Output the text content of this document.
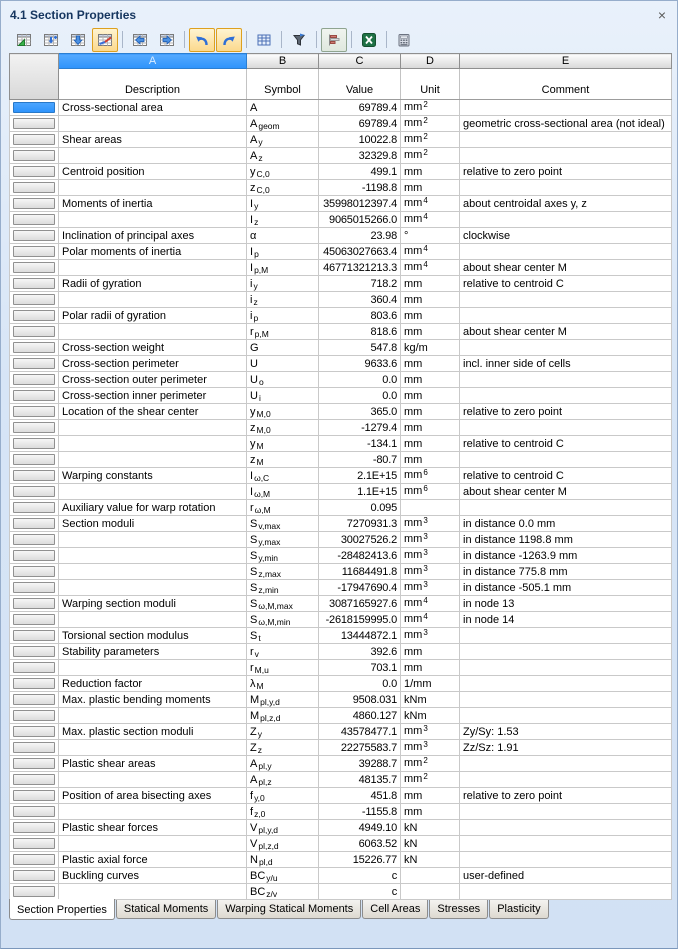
4.1 Section Properties	×
	A	B	C	D	E
	Description	Symbol	Value	Unit	Comment

	Cross-sectional area	A	69789.4	$mm^2$	

		Ageom	69789.4	$mm^2$	geometric cross-sectional area (not ideal)

	Shear areas	Ay	10022.8	$mm^2$	

		Az	32329.8	$mm^2$	

	Centroid position	yC,0	499.1	mm	relative to zero point

		zC,0	-1198.8	mm	

	Moments of inertia	Iy	35998012397.4	$mm^4$	about centroidal axes y, z

		Iz	9065015266.0	$mm^4$	

	Inclination of principal axes	α	23.98	°	clockwise

	Polar moments of inertia	Ip	45063027663.4	$mm^4$	

		Ip,M	46771321213.3	$mm^4$	about shear center M

	Radii of gyration	iy	718.2	mm	relative to centroid C

		iz	360.4	mm	

	Polar radii of gyration	ip	803.6	mm	

		rp,M	818.6	mm	about shear center M

	Cross-section weight	G	547.8	kg/m	

	Cross-section perimeter	U	9633.6	mm	incl. inner side of cells

	Cross-section outer perimeter	Uo	0.0	mm	

	Cross-section inner perimeter	Ui	0.0	mm	

	Location of the shear center	yM,0	365.0	mm	relative to zero point

		zM,0	-1279.4	mm	

		yM	-134.1	mm	relative to centroid C

		zM	-80.7	mm	

	Warping constants	Iω,C	2.1E+15	$mm^6$	relative to centroid C

		Iω,M	1.1E+15	$mm^6$	about shear center M

	Auxiliary value for warp rotation	rω,M	0.095		

	Section moduli	Sv,max	7270931.3	$mm^3$	in distance 0.0 mm

		Sy,max	30027526.2	$mm^3$	in distance 1198.8 mm

		Sy,min	-28482413.6	$mm^3$	in distance -1263.9 mm

		Sz,max	11684491.8	$mm^3$	in distance 775.8 mm

		Sz,min	-17947690.4	$mm^3$	in distance -505.1 mm

	Warping section moduli	Sω,M,max	3087165927.6	$mm^4$	in node 13

		Sω,M,min	-2618159995.0	$mm^4$	in node 14

	Torsional section modulus	St	13444872.1	$mm^3$	

	Stability parameters	rv	392.6	mm	

		rM,u	703.1	mm	

	Reduction factor	λM	0.0	1/mm	

	Max. plastic bending moments	Mpl,y,d	9508.031	kNm	

		Mpl,z,d	4860.127	kNm	

	Max. plastic section moduli	Zy	43578477.1	$mm^3$	Zy/Sy: 1.53

		Zz	22275583.7	$mm^3$	Zz/Sz: 1.91

	Plastic shear areas	Apl,y	39288.7	$mm^2$	

		Apl,z	48135.7	$mm^2$	

	Position of area bisecting axes	fy,0	451.8	mm	relative to zero point

		fz,0	-1155.8	mm	

	Plastic shear forces	Vpl,y,d	4949.10	kN	

		Vpl,z,d	6063.52	kN	

	Plastic axial force	Npl,d	15226.77	kN	

	Buckling curves	BCy/u	c		user-defined

		BCz/v	c		
Section Properties	Statical Moments	Warping Statical Moments	Cell Areas	Stresses	Plasticity
